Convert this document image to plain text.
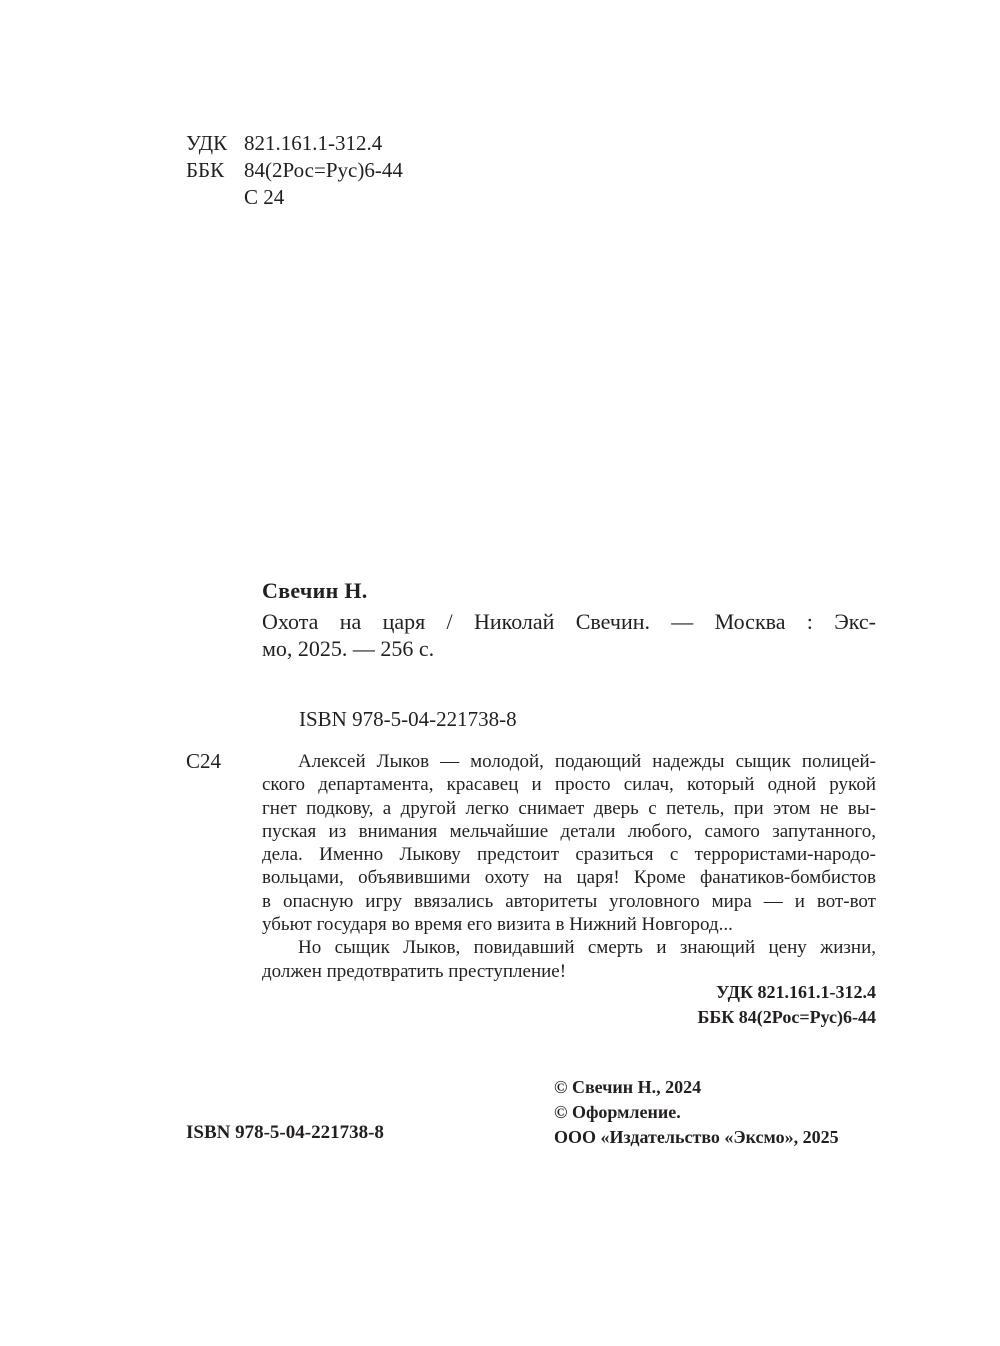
УДК 821.161.1-312.4
ББК 84(2Рос=Рус)6-44
С 24
Свечин Н.
Охота на царя / Николай Свечин. — Москва : Экс-
мо, 2025. — 256 с.
ISBN 978-5-04-221738-8
С24	Алексей Лыков — молодой, подающий надежды сыщик полицей-
ского департамента, красавец и просто силач, который одной рукой
гнет подкову, а другой легко снимает дверь с петель, при этом не вы-
пуская из внимания мельчайшие детали любого, самого запутанного,
дела. Именно Лыкову предстоит сразиться с террористами-народо-
вольцами, объявившими охоту на царя! Кроме фанатиков-бомбистов
в опасную игру ввязались авторитеты уголовного мира — и вот-вот
убьют государя во время его визита в Нижний Новгород...
Но сыщик Лыков, повидавший смерть и знающий цену жизни,
должен предотвратить преступление!
УДК 821.161.1-312.4
ББК 84(2Рос=Рус)6-44
© Свечин Н., 2024
© Оформление.
ООО «Издательство «Эксмо», 2025
ISBN 978-5-04-221738-8
